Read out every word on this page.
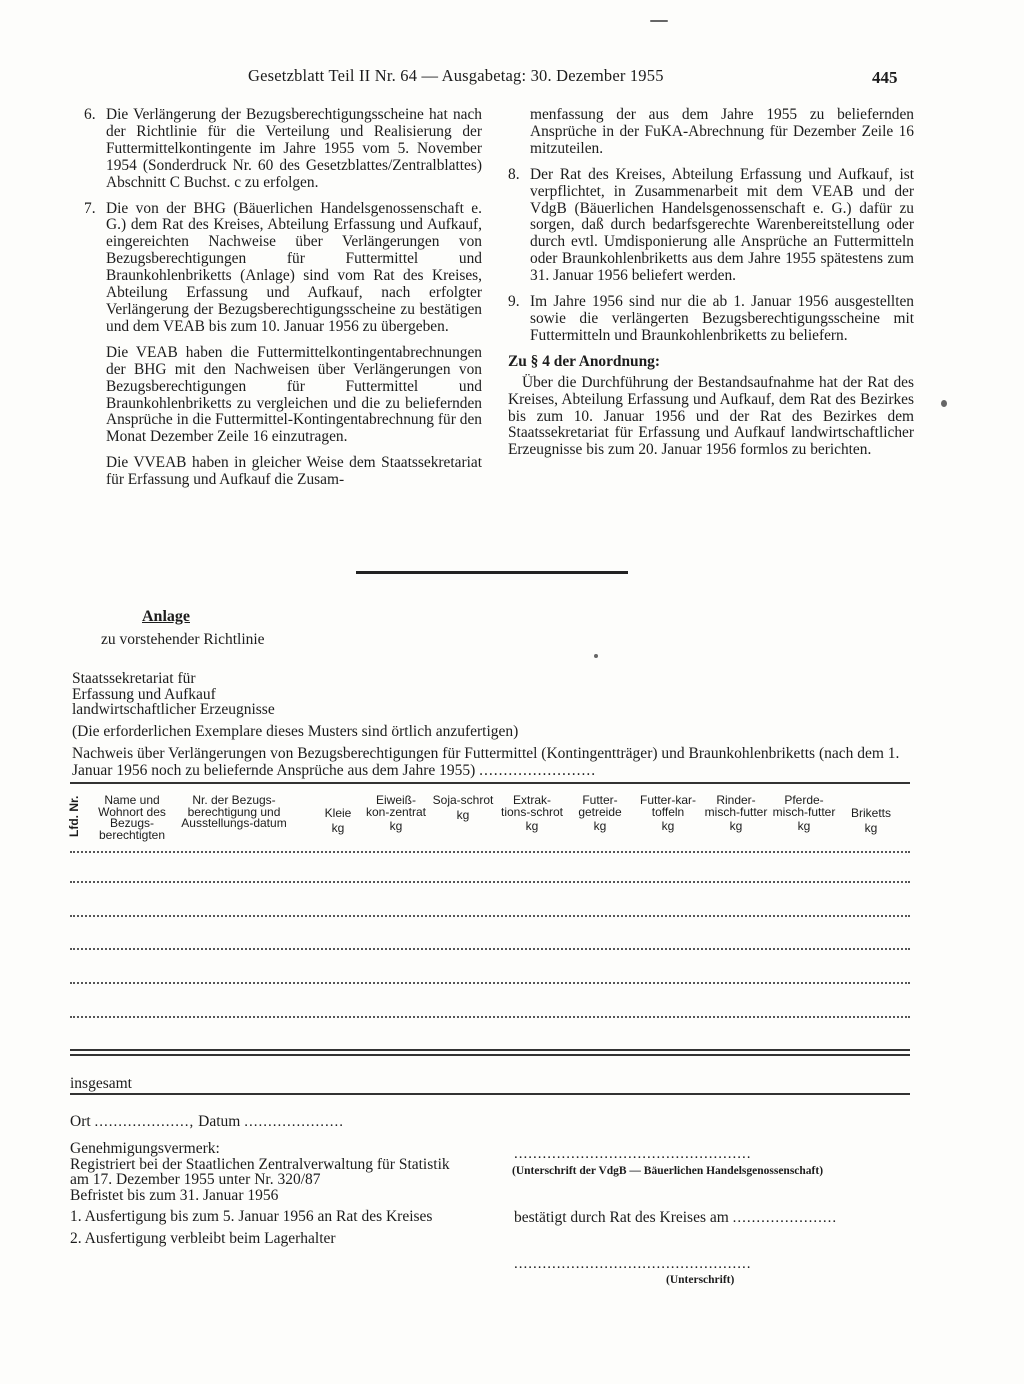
Gesetzblatt Teil II Nr. 64 — Ausgabetag: 30. Dezember 1955	445
6. Die Verlängerung der Bezugsberechtigungsscheine hat nach der Richtlinie für die Verteilung und Realisierung der Futtermittelkontingente im Jahre 1955 vom 5. November 1954 (Sonderdruck Nr. 60 des Gesetzblattes/Zentralblattes) Abschnitt C Buchst. c zu erfolgen.
7. Die von der BHG (Bäuerlichen Handelsgenossenschaft e. G.) dem Rat des Kreises, Abteilung Erfassung und Aufkauf, eingereichten Nachweise über Verlängerungen von Bezugsberechtigungen für Futtermittel und Braunkohlenbriketts (Anlage) sind vom Rat des Kreises, Abteilung Erfassung und Aufkauf, nach erfolgter Verlängerung der Bezugsberechtigungsscheine zu bestätigen und dem VEAB bis zum 10. Januar 1956 zu übergeben.
Die VEAB haben die Futtermittelkontingentabrechnungen der BHG mit den Nachweisen über Verlängerungen von Bezugsberechtigungen für Futtermittel und Braunkohlenbriketts zu vergleichen und die zu beliefernden Ansprüche in die Futtermittel-Kontingentabrechnung für den Monat Dezember Zeile 16 einzutragen.
Die VVEAB haben in gleicher Weise dem Staatssekretariat für Erfassung und Aufkauf die Zusam-
menfassung der aus dem Jahre 1955 zu beliefernden Ansprüche in der FuKA-Abrechnung für Dezember Zeile 16 mitzuteilen.
8. Der Rat des Kreises, Abteilung Erfassung und Aufkauf, ist verpflichtet, in Zusammenarbeit mit dem VEAB und der VdgB (Bäuerlichen Handelsgenossenschaft e. G.) dafür zu sorgen, daß durch bedarfsgerechte Warenbereitstellung oder durch evtl. Umdisponierung alle Ansprüche an Futtermitteln oder Braunkohlenbriketts aus dem Jahre 1955 spätestens zum 31. Januar 1956 beliefert werden.
9. Im Jahre 1956 sind nur die ab 1. Januar 1956 ausgestellten sowie die verlängerten Bezugsberechtigungsscheine mit Futtermitteln und Braunkohlenbriketts zu beliefern.
Zu § 4 der Anordnung:
Über die Durchführung der Bestandsaufnahme hat der Rat des Kreises, Abteilung Erfassung und Aufkauf, dem Rat des Bezirkes bis zum 10. Januar 1956 und der Rat des Bezirkes dem Staatssekretariat für Erfassung und Aufkauf landwirtschaftlicher Erzeugnisse bis zum 20. Januar 1956 formlos zu berichten.
Anlage
zu vorstehender Richtlinie
Staatssekretariat für
Erfassung und Aufkauf
landwirtschaftlicher Erzeugnisse
(Die erforderlichen Exemplare dieses Musters sind örtlich anzufertigen)
Nachweis über Verlängerungen von Bezugsberechtigungen für Futtermittel (Kontingentträger) und Braunkohlenbriketts (nach dem 1. Januar 1956 noch zu beliefernde Ansprüche aus dem Jahre 1955) ........................
Lfd. Nr.	Name und Wohnort des Bezugs-berechtigten
Nr. der Bezugs-berechtigung und Ausstellungs-datum
Kleie
kg
Eiweiß-kon-zentrat
kg
Soja-schrot
kg
Extrak-tions-schrot
kg
Futter-getreide
kg
Futter-kar-toffeln
kg
Rinder-misch-futter
kg
Pferde-misch-futter
kg
Briketts
kg
insgesamt
Ort ...................., Datum .....................
Genehmigungsvermerk:
Registriert bei der Staatlichen Zentralverwaltung für Statistik
am 17. Dezember 1955 unter Nr. 320/87
Befristet bis zum 31. Januar 1956
1. Ausfertigung bis zum 5. Januar 1956 an Rat des Kreises
2. Ausfertigung verbleibt beim Lagerhalter
..................................................
(Unterschrift der VdgB — Bäuerlichen Handelsgenossenschaft)
bestätigt durch Rat des Kreises am ......................
..................................................
(Unterschrift)
